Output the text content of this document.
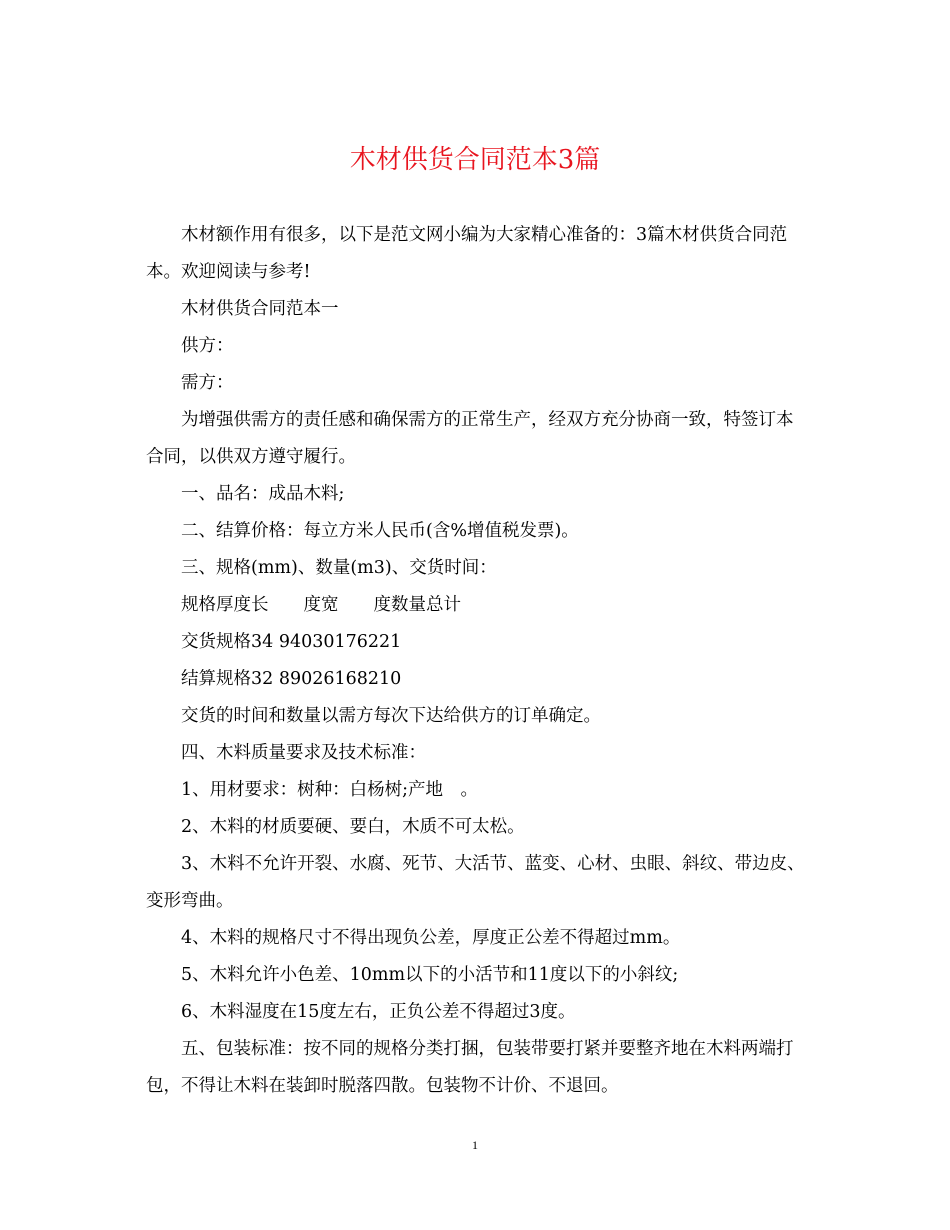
木材供货合同范本3篇

木材额作用有很多，以下是范文网小编为大家精心准备的：3篇木材供货合同范本。欢迎阅读与参考!

木材供货合同范本一

供方：

需方：

为增强供需方的责任感和确保需方的正常生产，经双方充分协商一致，特签订本合同，以供双方遵守履行。

一、品名：成品木料;

二、结算价格：每立方米人民币(含%增值税发票)。

三、规格(mm)、数量(m3)、交货时间：

规格厚度长　　度宽　　度数量总计

交货规格34 94030176221

结算规格32 89026168210

交货的时间和数量以需方每次下达给供方的订单确定。

四、木料质量要求及技术标准：

1、用材要求：树种：白杨树;产地　。

2、木料的材质要硬、要白，木质不可太松。

3、木料不允许开裂、水腐、死节、大活节、蓝变、心材、虫眼、斜纹、带边皮、变形弯曲。

4、木料的规格尺寸不得出现负公差，厚度正公差不得超过mm。

5、木料允许小色差、10mm以下的小活节和11度以下的小斜纹;

6、木料湿度在15度左右，正负公差不得超过3度。

五、包装标准：按不同的规格分类打捆，包装带要打紧并要整齐地在木料两端打包，不得让木料在装卸时脱落四散。包装物不计价、不退回。

1
